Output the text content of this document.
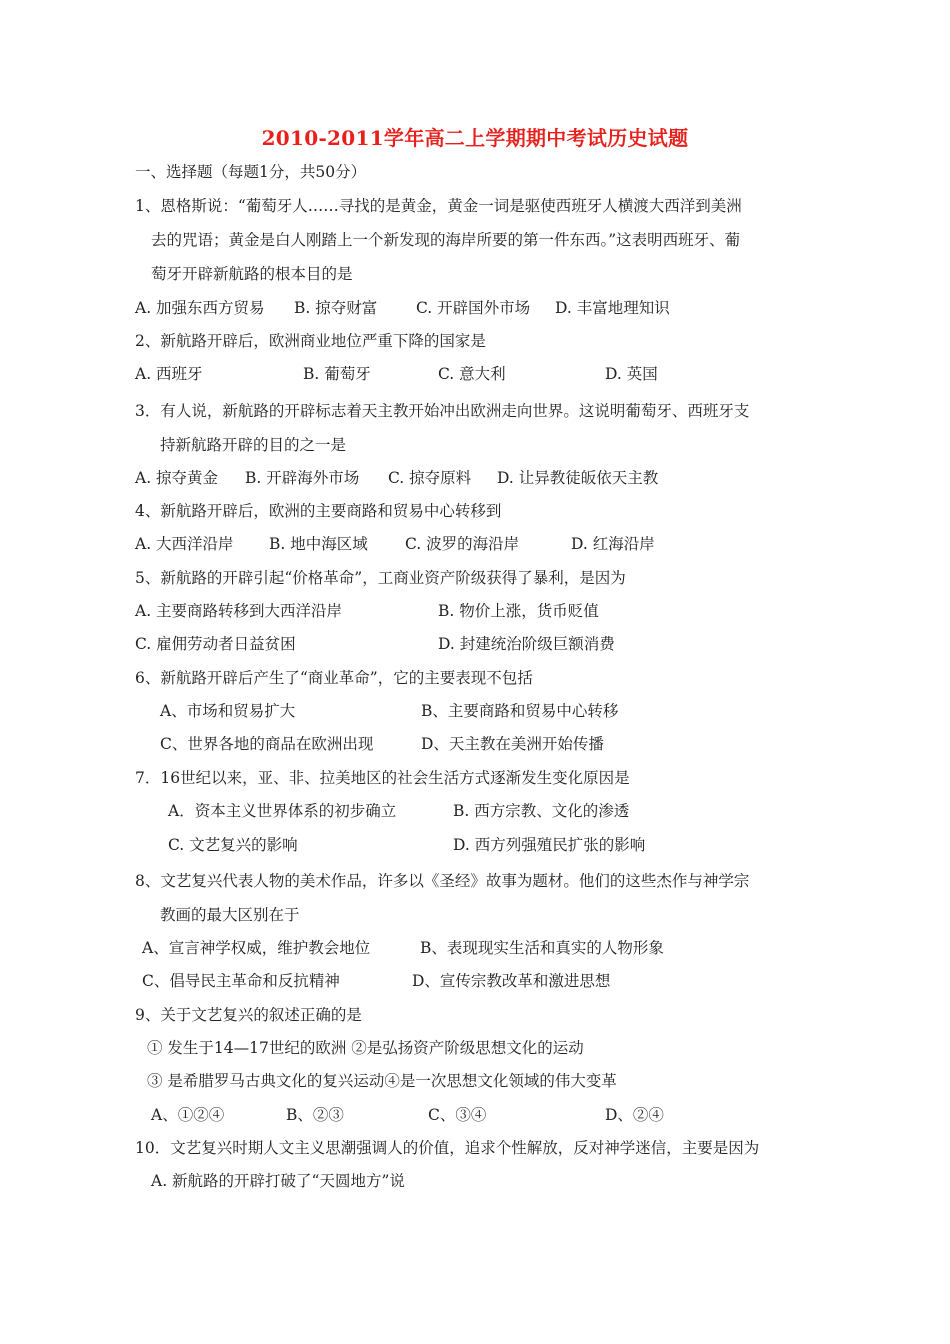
2010-2011学年高二上学期期中考试历史试题
一、选择题（每题1分，共50分）
1、恩格斯说：“葡萄牙人……寻找的是黄金，黄金一词是驱使西班牙人横渡大西洋到美洲
去的咒语；黄金是白人刚踏上一个新发现的海岸所要的第一件东西。”这表明西班牙、葡
萄牙开辟新航路的根本目的是
A. 加强东西方贸易 B. 掠夺财富	C. 开辟国外市场 D. 丰富地理知识
2、新航路开辟后，欧洲商业地位严重下降的国家是
A. 西班牙	B. 葡萄牙	C. 意大利	D. 英国
3．有人说，新航路的开辟标志着天主教开始冲出欧洲走向世界。这说明葡萄牙、西班牙支
持新航路开辟的目的之一是
A. 掠夺黄金 B. 开辟海外市场 C. 掠夺原料 D. 让异教徒皈依天主教
4、新航路开辟后，欧洲的主要商路和贸易中心转移到
A. 大西洋沿岸 B. 地中海区域 C. 波罗的海沿岸	D. 红海沿岸
5、新航路的开辟引起“价格革命”，工商业资产阶级获得了暴利，是因为
A. 主要商路转移到大西洋沿岸	B. 物价上涨，货币贬值
C. 雇佣劳动者日益贫困	D. 封建统治阶级巨额消费
6、新航路开辟后产生了“商业革命”，它的主要表现不包括
A、市场和贸易扩大	B、主要商路和贸易中心转移
C、世界各地的商品在欧洲出现	D、天主教在美洲开始传播
7．16世纪以来，亚、非、拉美地区的社会生活方式逐渐发生变化原因是
A．资本主义世界体系的初步确立	B. 西方宗教、文化的渗透
C. 文艺复兴的影响	D. 西方列强殖民扩张的影响
8、文艺复兴代表人物的美术作品，许多以《圣经》故事为题材。他们的这些杰作与神学宗
教画的最大区别在于
A、宣言神学权威，维护教会地位	B、表现现实生活和真实的人物形象
C、倡导民主革命和反抗精神	D、宣传宗教改革和激进思想
9、关于文艺复兴的叙述正确的是
① 发生于14—17世纪的欧洲 ②是弘扬资产阶级思想文化的运动
③ 是希腊罗马古典文化的复兴运动④是一次思想文化领域的伟大变革
A、①②④	B、②③	C、③④	D、②④
10．文艺复兴时期人文主义思潮强调人的价值，追求个性解放，反对神学迷信，主要是因为
A. 新航路的开辟打破了“天圆地方”说
